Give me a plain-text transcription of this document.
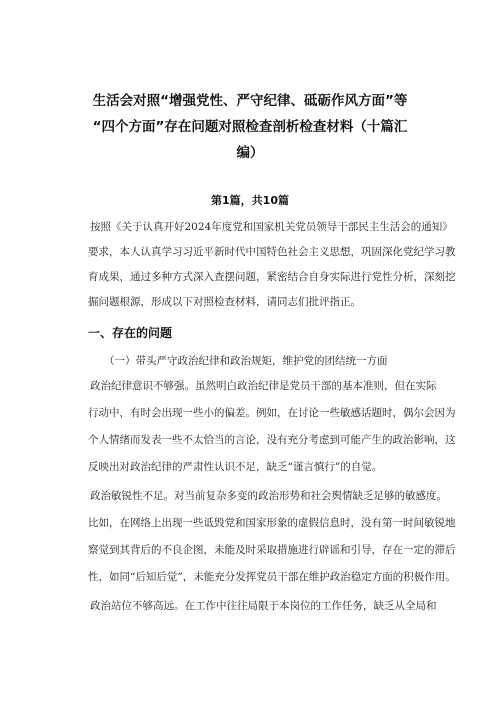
生活会对照“增强党性、严守纪律、砥砺作风方面”等
“四个方面”存在问题对照检查剖析检查材料（十篇汇
编）
第1篇，共10篇
按照《关于认真开好2024年度党和国家机关党员领导干部民主生活会的通知》
要求，本人认真学习习近平新时代中国特色社会主义思想，巩固深化党纪学习教
育成果，通过多种方式深入查摆问题，紧密结合自身实际进行党性分析，深刻挖
掘问题根源，形成以下对照检查材料，请同志们批评指正。
一、存在的问题
（一）带头严守政治纪律和政治规矩，维护党的团结统一方面
政治纪律意识不够强。虽然明白政治纪律是党员干部的基本准则，但在实际
行动中，有时会出现一些小的偏差。例如，在讨论一些敏感话题时，偶尔会因为
个人情绪而发表一些不太恰当的言论，没有充分考虑到可能产生的政治影响，这
反映出对政治纪律的严肃性认识不足，缺乏“谨言慎行”的自觉。
政治敏锐性不足。对当前复杂多变的政治形势和社会舆情缺乏足够的敏感度。
比如，在网络上出现一些诋毁党和国家形象的虚假信息时，没有第一时间敏锐地
察觉到其背后的不良企图，未能及时采取措施进行辟谣和引导，存在一定的滞后
性，如同“后知后觉”，未能充分发挥党员干部在维护政治稳定方面的积极作用。
政治站位不够高远。在工作中往往局限于本岗位的工作任务，缺乏从全局和
